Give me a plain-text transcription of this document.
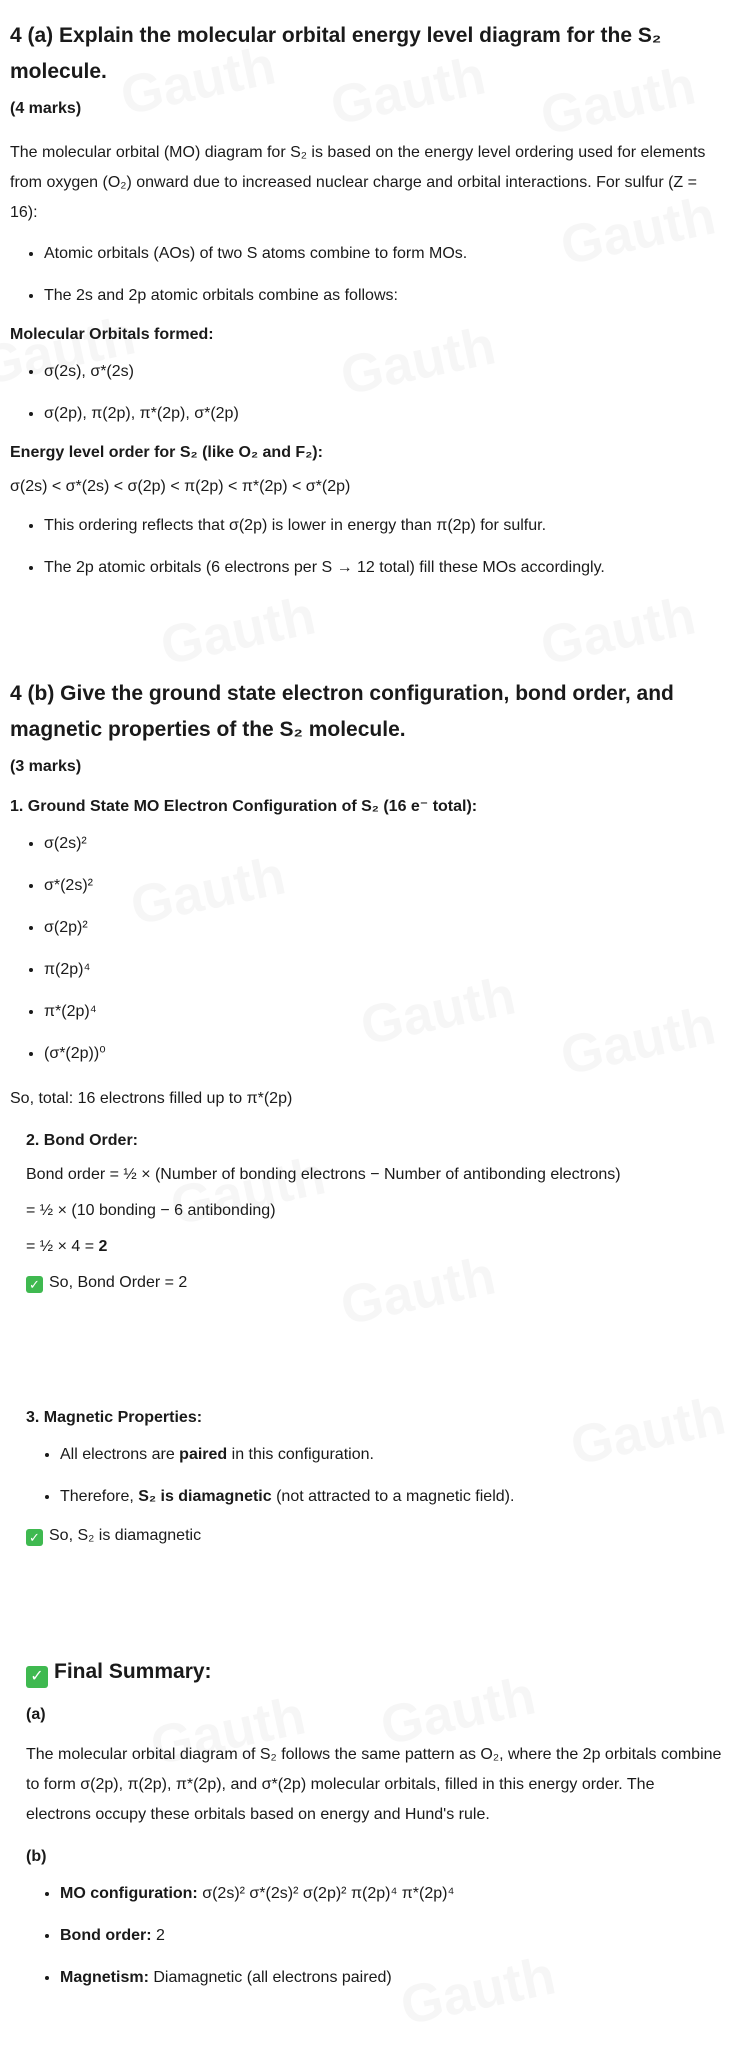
4 (a) Explain the molecular orbital energy level diagram for the S₂ molecule.
(4 marks)

The molecular orbital (MO) diagram for S₂ is based on the energy level ordering used for elements from oxygen (O₂) onward due to increased nuclear charge and orbital interactions. For sulfur (Z = 16):

• Atomic orbitals (AOs) of two S atoms combine to form MOs.
• The 2s and 2p atomic orbitals combine as follows:
Molecular Orbitals formed:
• σ(2s), σ*(2s)
• σ(2p), π(2p), π*(2p), σ*(2p)
Energy level order for S₂ (like O₂ and F₂):
σ(2s) < σ*(2s) < σ(2p) < π(2p) < π*(2p) < σ*(2p)
• This ordering reflects that σ(2p) is lower in energy than π(2p) for sulfur.
• The 2p atomic orbitals (6 electrons per S → 12 total) fill these MOs accordingly.
4 (b) Give the ground state electron configuration, bond order, and magnetic properties of the S₂ molecule.
(3 marks)
1. Ground State MO Electron Configuration of S₂ (16 e⁻ total):
• σ(2s)²
• σ*(2s)²
• σ(2p)²
• π(2p)⁴
• π*(2p)⁴
• (σ*(2p))⁰

So, total: 16 electrons filled up to π*(2p)

2. Bond Order:
Bond order = ½ × (Number of bonding electrons − Number of antibonding electrons)
= ½ × (10 bonding − 6 antibonding)
= ½ × 4 = 2
✓ So, Bond Order = 2
3. Magnetic Properties:
• All electrons are paired in this configuration.
• Therefore, S₂ is diamagnetic (not attracted to a magnetic field).
✓ So, S₂ is diamagnetic
✓ Final Summary:
(a)

The molecular orbital diagram of S₂ follows the same pattern as O₂, where the 2p orbitals combine to form σ(2p), π(2p), π*(2p), and σ*(2p) molecular orbitals, filled in this energy order. The electrons occupy these orbitals based on energy and Hund's rule.

(b)
• MO configuration: σ(2s)² σ*(2s)² σ(2p)² π(2p)⁴ π*(2p)⁴
• Bond order: 2
• Magnetism: Diamagnetic (all electrons paired)
